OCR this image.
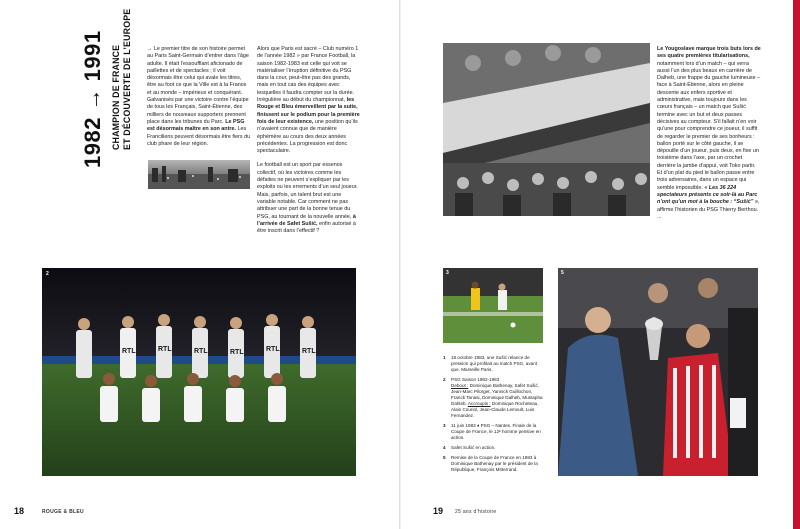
1982 → 1991 CHAMPION DE FRANCE ET DÉCOUVERTE DE L’EUROPE	→ Le premier titre de son histoire permet au Paris Saint-Germain d’entrer dans l’âge adulte. Il était l’essoufflant aficionado de paillettes et de spectacles ; il voit désormais être celui qui avale les titres, être au foot ce que la Ville est à la France et au monde – impérieux et conquérant. Galvanisés par une victoire contre l’équipe de tous les Français, Saint-Étienne, des milliers de nouveaux supporters prennent place dans les tribunes du Parc. Le PSG est désormais maître en son antre. Les Franciliens peuvent désormais être fiers du club phare de leur région.

Alors que Paris est sacré – Club numéro 1 de l’année 1982 » par France Football, la saison 1982-1983 est celle qui voit se matérialiser l’irruption définitive du PSG dans la cour, peut-être pas des grands, mais en tout cas des équipes avec lesquelles il faudra compter sur la durée. Irrégulière au début du championnat, les Rouge et Bleu émerveillent par la suite, finissent sur le podium pour la première fois de leur existence, une position qu’ils n’avaient connue que de manière éphémère au cours des deux années précédentes. La progression est donc spectaculaire.

Le football est un sport par essence collectif, où les victoires comme les défaites ne peuvent s’expliquer par les exploits ou les errements d’un seul joueur. Mais, parfois, un talent brut est une variable notable. Car comment ne pas attribuer une part de la bonne tenue du PSG, au tournant de la nouvelle année, à l’arrivée de Safet Sušić, enfin autorisé à être inscrit dans l’effectif ?

RTL	RTL	RTL	RTL	RTL	RTL
2
18	ROUGE & BLEU

Le Yougoslave marque trois buts lors de ses quatre premières titularisations, notamment lors d’un match – qui verra aussi l’un des plus beaux en carrière de Dalheb, une frappe du gauche lumineuse – face à Saint-Étienne, alors en pleine descente aux enfers sportive et administrative, mais toujours dans les cœurs français – un match que Sušić termine avec un but et deux passes décisives au compteur. S’il fallait n’en voir qu’une pour comprendre ce joueur, il suffit de regarder le premier de ses bonheurs : ballon porté sur le côté gauche, il se dépouille d’un joueur, puis deux, en fixe un troisième dans l’axe, par un crochet derrière la jambe d’appui, voit Toko partir. Et d’un plat du pied le ballon passe entre trois adversaires, dans un espace qui semble impossible. « Les 36 224 spectateurs présents ce soir-là au Parc n’ont qu’un mot à la bouche : “Sušić” », affirme l’historien du PSG Thierry Berthou. ...

3
1 18 octobre 1983, une Sušić relance de pression qui profitait au match PSG, avant que. Marseille Paris.
2 PSG Saison 1982-1983
Debout : Dominique Bathenay, Safet Sušić, Jean-Marc Pilorget, Yannick Guillochon, Franck Tanasi, Dominique Dalheb, Mustapha Dahleb. Accroupis : Dominique Rocheteau, Alain Couriol, Jean-Claude Lemoult, Luis Fernandez.
3 11 juin 1983 ♦ PSG – Nantes. Finale de la Coupe de France, le 12ᵉ homme pensive en action.
4 Safet Sušić en action.
5 Remise de la Coupe de France en 1983 à Dominique Bathenay par le président de la République, François Mitterrand.
5
19 25 ans d’histoire
